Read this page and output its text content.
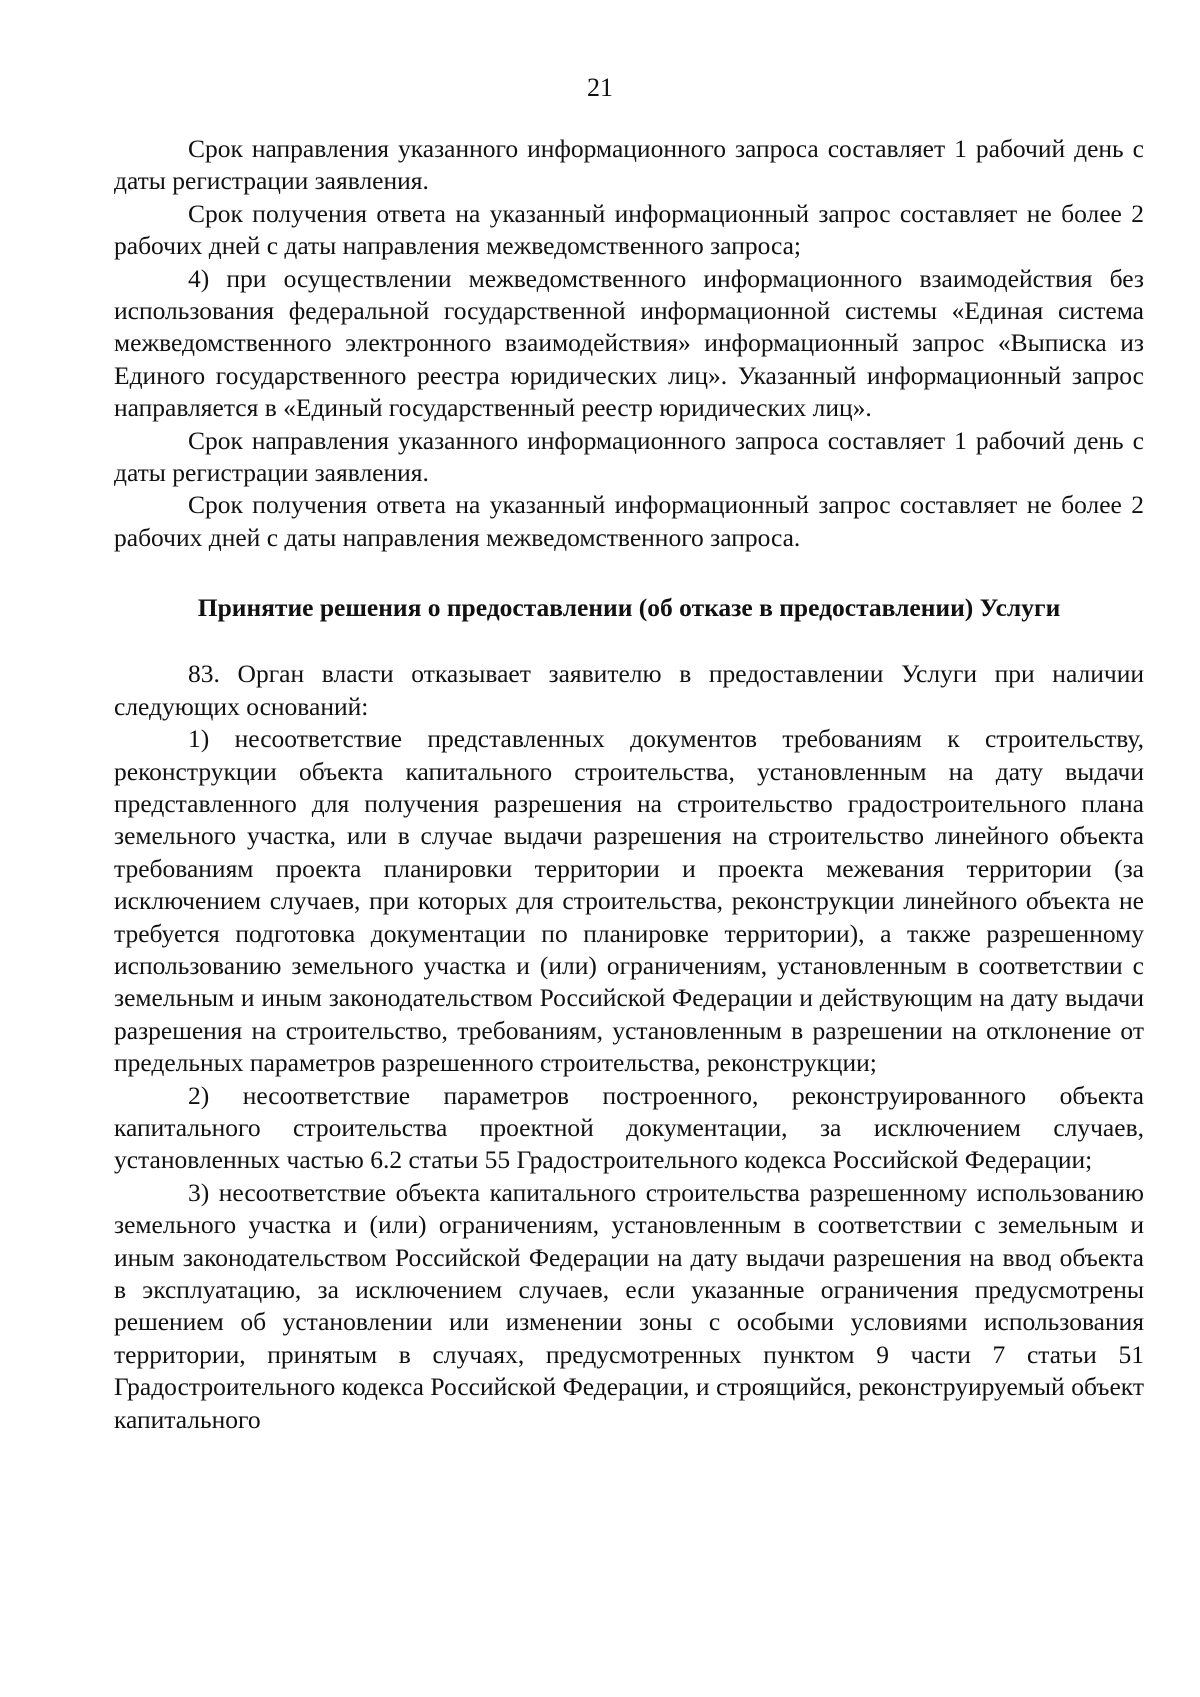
21

Срок направления указанного информационного запроса составляет 1 рабочий день с даты регистрации заявления.

Срок получения ответа на указанный информационный запрос составляет не более 2 рабочих дней с даты направления межведомственного запроса;

4) при осуществлении межведомственного информационного взаимодействия без использования федеральной государственной информационной системы «Единая система межведомственного электронного взаимодействия» информационный запрос «Выписка из Единого государственного реестра юридических лиц». Указанный информационный запрос направляется в «Единый государственный реестр юридических лиц».

Срок направления указанного информационного запроса составляет 1 рабочий день с даты регистрации заявления.

Срок получения ответа на указанный информационный запрос составляет не более 2 рабочих дней с даты направления межведомственного запроса.

Принятие решения о предоставлении (об отказе в предоставлении) Услуги

83. Орган власти отказывает заявителю в предоставлении Услуги при наличии следующих оснований:

1) несоответствие представленных документов требованиям к строительству, реконструкции объекта капитального строительства, установленным на дату выдачи представленного для получения разрешения на строительство градостроительного плана земельного участка, или в случае выдачи разрешения на строительство линейного объекта требованиям проекта планировки территории и проекта межевания территории (за исключением случаев, при которых для строительства, реконструкции линейного объекта не требуется подготовка документации по планировке территории), а также разрешенному использованию земельного участка и (или) ограничениям, установленным в соответствии с земельным и иным законодательством Российской Федерации и действующим на дату выдачи разрешения на строительство, требованиям, установленным в разрешении на отклонение от предельных параметров разрешенного строительства, реконструкции;

2) несоответствие параметров построенного, реконструированного объекта капитального строительства проектной документации, за исключением случаев, установленных частью 6.2 статьи 55 Градостроительного кодекса Российской Федерации;

3) несоответствие объекта капитального строительства разрешенному использованию земельного участка и (или) ограничениям, установленным в соответствии с земельным и иным законодательством Российской Федерации на дату выдачи разрешения на ввод объекта в эксплуатацию, за исключением случаев, если указанные ограничения предусмотрены решением об установлении или изменении зоны с особыми условиями использования территории, принятым в случаях, предусмотренных пунктом 9 части 7 статьи 51 Градостроительного кодекса Российской Федерации, и строящийся, реконструируемый объект капитального
